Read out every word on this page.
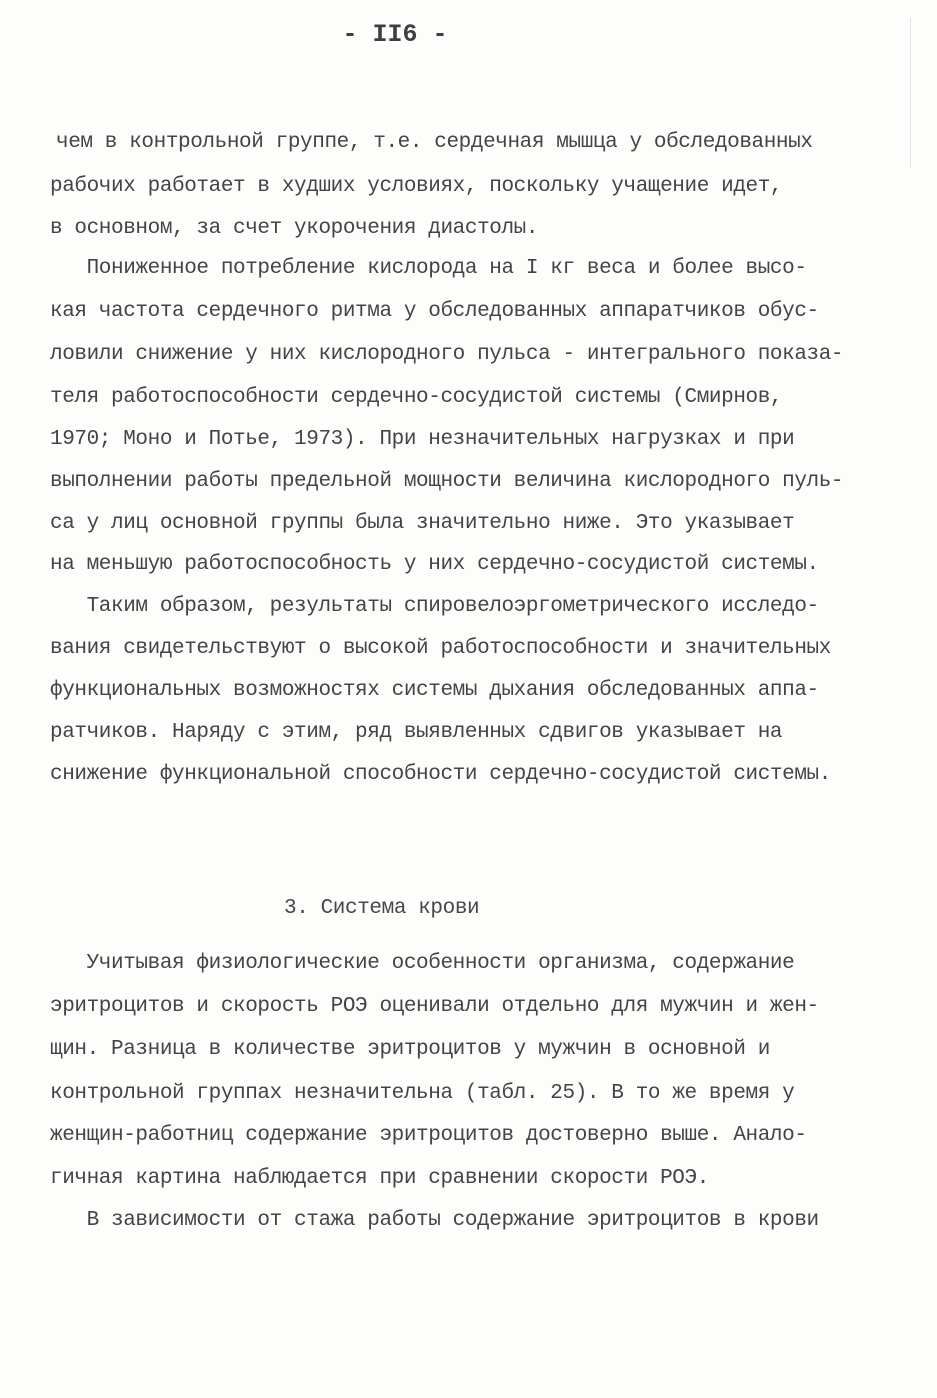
- II6 -
чем в контрольной группе, т.е. сердечная мышца у обследованных
рабочих работает в худших условиях, поскольку учащение идет,
в основном, за счет укорочения диастолы.
Пониженное потребление кислорода на I кг веса и более высо-
кая частота сердечного ритма у обследованных аппаратчиков обус-
ловили снижение у них кислородного пульса - интегрального показа-
теля работоспособности сердечно-сосудистой системы (Смирнов,
1970; Моно и Потье, 1973). При незначительных нагрузках и при
выполнении работы предельной мощности величина кислородного пуль-
са у лиц основной группы была значительно ниже. Это указывает
на меньшую работоспособность у них сердечно-сосудистой системы.
Таким образом, результаты спировелоэргометрического исследо-
вания свидетельствуют о высокой работоспособности и значительных
функциональных возможностях системы дыхания обследованных аппа-
ратчиков. Наряду с этим, ряд выявленных сдвигов указывает на
снижение функциональной способности сердечно-сосудистой системы.
3. Система крови
Учитывая физиологические особенности организма, содержание
эритроцитов и скорость РОЭ оценивали отдельно для мужчин и жен-
щин. Разница в количестве эритроцитов у мужчин в основной и
контрольной группах незначительна (табл. 25). В то же время у
женщин-работниц содержание эритроцитов достоверно выше. Анало-
гичная картина наблюдается при сравнении скорости РОЭ.
В зависимости от стажа работы содержание эритроцитов в крови
